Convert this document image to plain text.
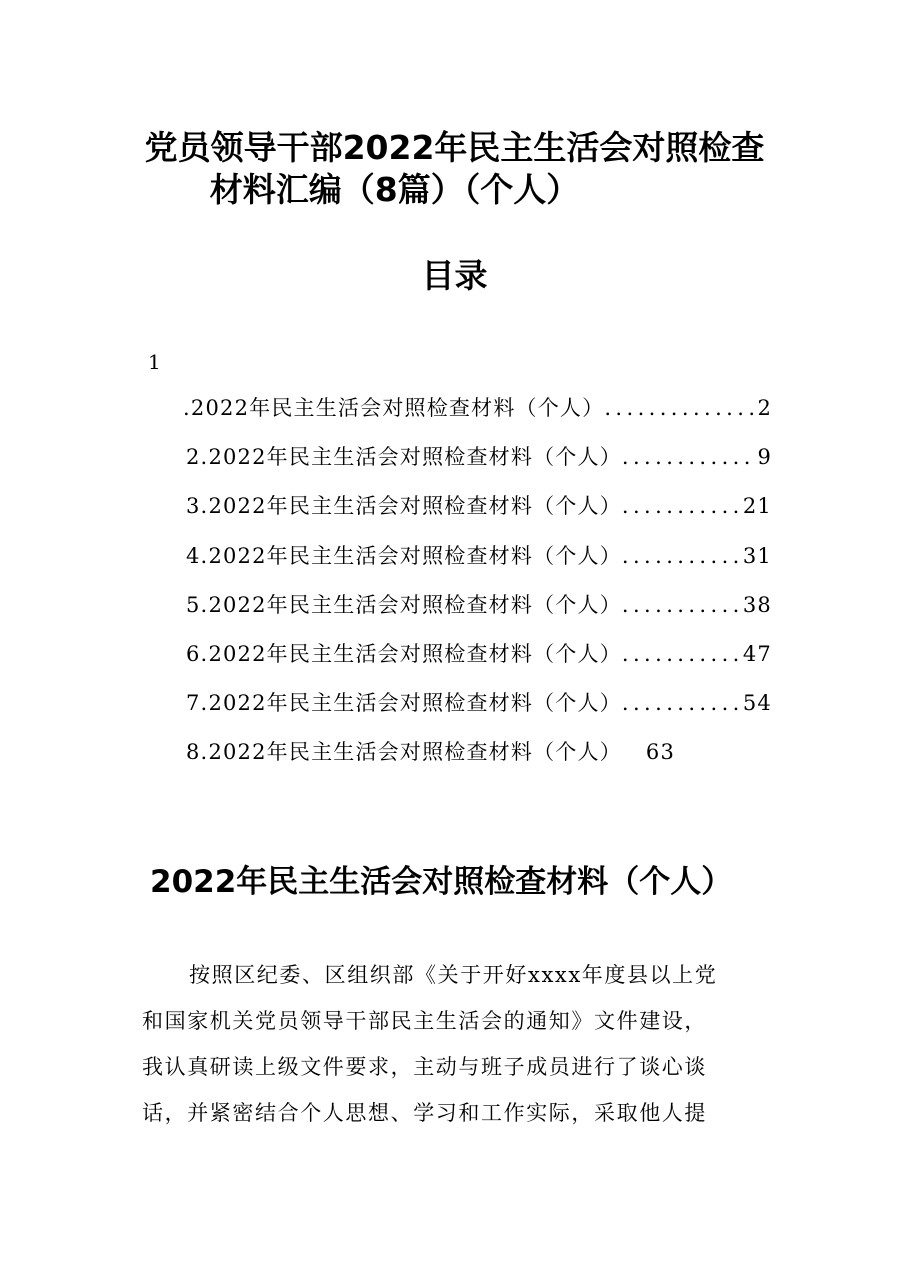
党员领导干部2022年民主生活会对照检查
材料汇编（8篇）（个人）
目录
1
. 2022年民主生活会对照检查材料（个人） .....	2
2. 2022年民主生活会对照检查材料（个人） .....	9
3. 2022年民主生活会对照检查材料（个人） .....	21
4. 2022年民主生活会对照检查材料（个人） .....	31
5. 2022年民主生活会对照检查材料（个人） .....	38
6. 2022年民主生活会对照检查材料（个人） .....	47
7. 2022年民主生活会对照检查材料（个人） .....	54
8. 2022年民主生活会对照检查材料（个人） 63
2022年民主生活会对照检查材料（个人）

按照区纪委、区组织部《关于开好xxxx年度县以上党
和国家机关党员领导干部民主生活会的通知》文件建设，
我认真研读上级文件要求，主动与班子成员进行了谈心谈
话，并紧密结合个人思想、学习和工作实际，采取他人提
